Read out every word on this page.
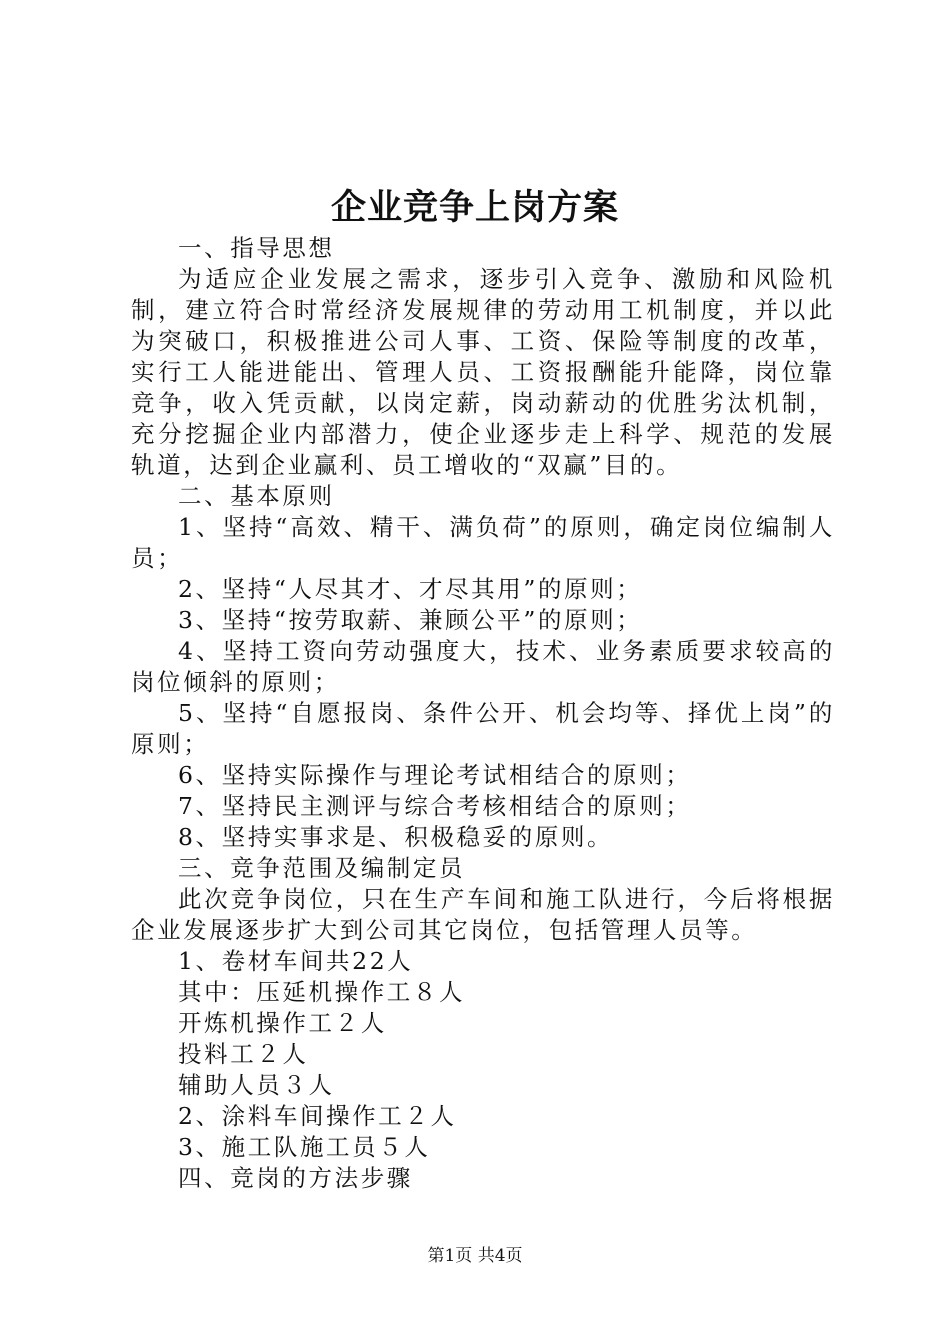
企业竞争上岗方案

一、指导思想

为适应企业发展之需求，逐步引入竞争、激励和风险机制，建立符合时常经济发展规律的劳动用工机制度，并以此为突破口，积极推进公司人事、工资、保险等制度的改革，实行工人能进能出、管理人员、工资报酬能升能降，岗位靠竞争，收入凭贡献，以岗定薪，岗动薪动的优胜劣汰机制，充分挖掘企业内部潜力，使企业逐步走上科学、规范的发展轨道，达到企业赢利、员工增收的“双赢”目的。

二、基本原则

1、坚持“高效、精干、满负荷”的原则，确定岗位编制人员；

2、坚持“人尽其才、才尽其用”的原则；

3、坚持“按劳取薪、兼顾公平”的原则；

4、坚持工资向劳动强度大，技术、业务素质要求较高的岗位倾斜的原则；

5、坚持“自愿报岗、条件公开、机会均等、择优上岗”的原则；

6、坚持实际操作与理论考试相结合的原则；

7、坚持民主测评与综合考核相结合的原则；

8、坚持实事求是、积极稳妥的原则。

三、竞争范围及编制定员

此次竞争岗位，只在生产车间和施工队进行，今后将根据企业发展逐步扩大到公司其它岗位，包括管理人员等。

1、卷材车间共22人

其中：压延机操作工８人

开炼机操作工２人

投料工２人

辅助人员３人

2、涂料车间操作工２人

3、施工队施工员５人

四、竞岗的方法步骤

第1页 共4页
